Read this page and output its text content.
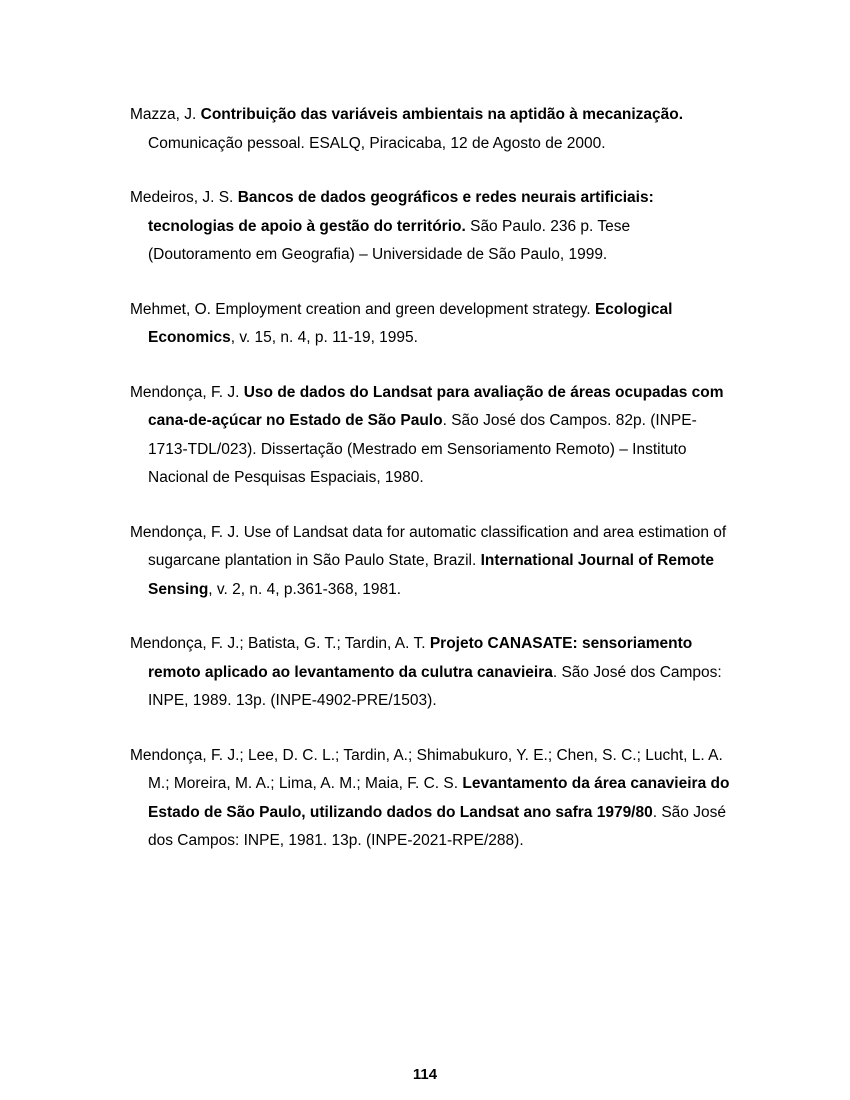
Mazza, J. Contribuição das variáveis ambientais na aptidão à mecanização. Comunicação pessoal. ESALQ, Piracicaba, 12 de Agosto de 2000.

Medeiros, J. S. Bancos de dados geográficos e redes neurais artificiais: tecnologias de apoio à gestão do território. São Paulo. 236 p. Tese (Doutoramento em Geografia) – Universidade de São Paulo, 1999.

Mehmet, O. Employment creation and green development strategy. Ecological Economics, v. 15, n. 4, p. 11-19, 1995.

Mendonça, F. J. Uso de dados do Landsat para avaliação de áreas ocupadas com cana-de-açúcar no Estado de São Paulo. São José dos Campos. 82p. (INPE-1713-TDL/023). Dissertação (Mestrado em Sensoriamento Remoto) – Instituto Nacional de Pesquisas Espaciais, 1980.

Mendonça, F. J. Use of Landsat data for automatic classification and area estimation of sugarcane plantation in São Paulo State, Brazil. International Journal of Remote Sensing, v. 2, n. 4, p.361-368, 1981.

Mendonça, F. J.; Batista, G. T.; Tardin, A. T. Projeto CANASATE: sensoriamento remoto aplicado ao levantamento da culutra canavieira. São José dos Campos: INPE, 1989. 13p. (INPE-4902-PRE/1503).

Mendonça, F. J.; Lee, D. C. L.; Tardin, A.; Shimabukuro, Y. E.; Chen, S. C.; Lucht, L. A. M.; Moreira, M. A.; Lima, A. M.; Maia, F. C. S. Levantamento da área canavieira do Estado de São Paulo, utilizando dados do Landsat ano safra 1979/80. São José dos Campos: INPE, 1981. 13p. (INPE-2021-RPE/288).

114
